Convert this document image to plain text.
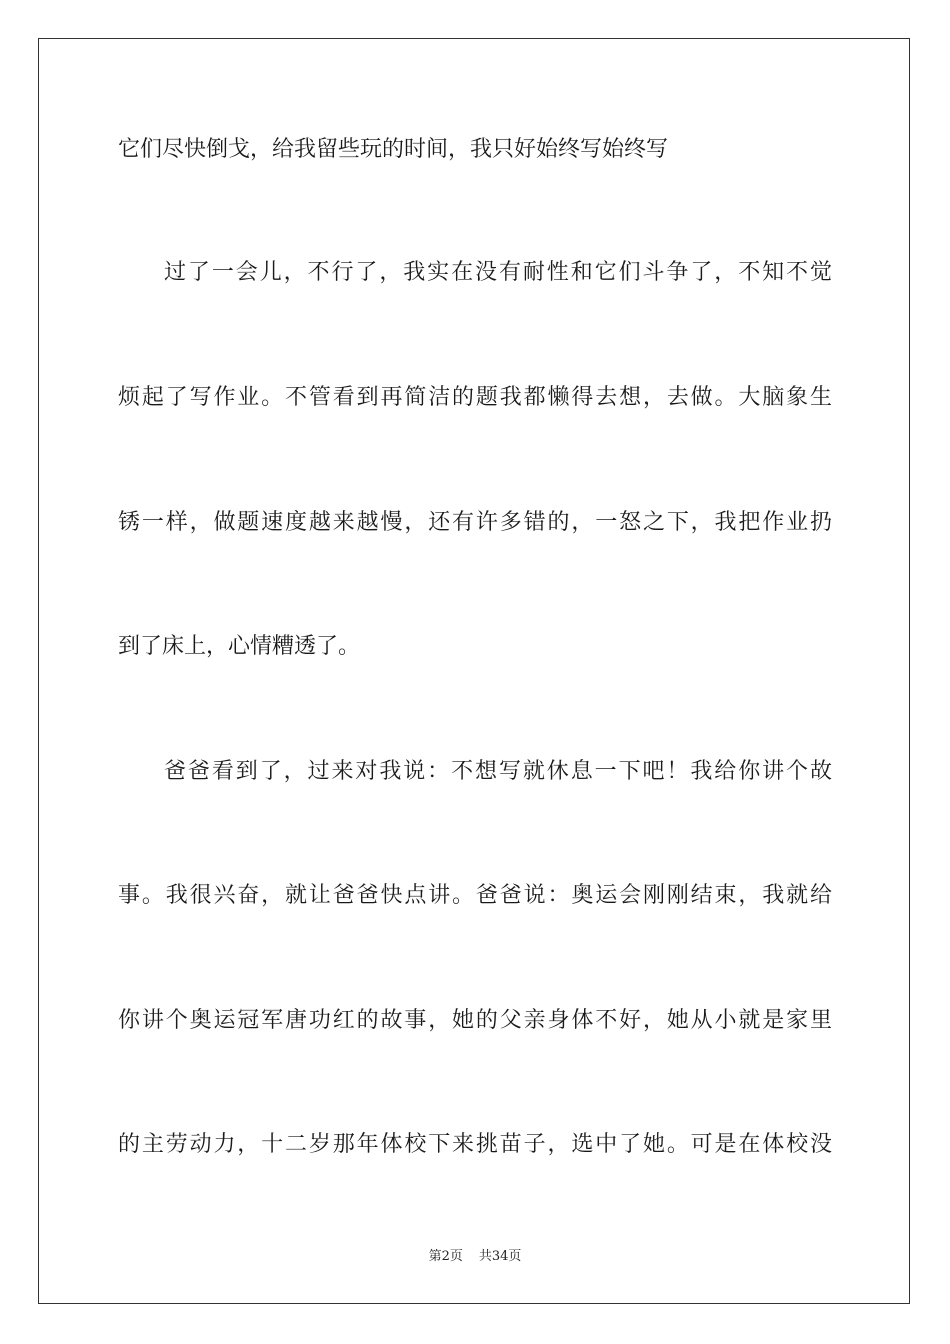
它们尽快倒戈，给我留些玩的时间，我只好始终写始终写
过了一会儿，不行了，我实在没有耐性和它们斗争了，不知不觉
烦起了写作业。不管看到再简洁的题我都懒得去想，去做。大脑象生
锈一样，做题速度越来越慢，还有许多错的，一怒之下，我把作业扔
到了床上，心情糟透了。
爸爸看到了，过来对我说：不想写就休息一下吧！我给你讲个故
事。我很兴奋，就让爸爸快点讲。爸爸说：奥运会刚刚结束，我就给
你讲个奥运冠军唐功红的故事，她的父亲身体不好，她从小就是家里
的主劳动力，十二岁那年体校下来挑苗子，选中了她。可是在体校没
第2页 共34页
